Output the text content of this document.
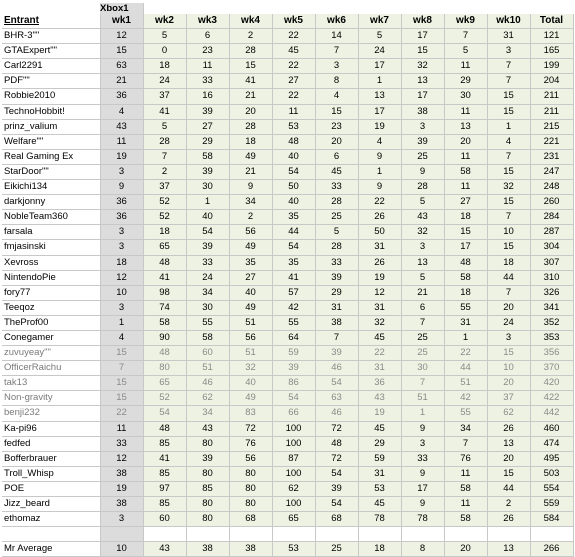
	Xbox1										
Entrant	wk1	wk2	wk3	wk4	wk5	wk6	wk7	wk8	wk9	wk10	Total
BHR-3""	12	5	6	2	22	14	5	17	7	31	121
GTAExpert""	15	0	23	28	45	7	24	15	5	3	165
Carl2291	63	18	11	15	22	3	17	32	11	7	199
PDF""	21	24	33	41	27	8	1	13	29	7	204
Robbie2010	36	37	16	21	22	4	13	17	30	15	211
TechnoHobbit!	4	41	39	20	11	15	17	38	11	15	211
prinz_valium	43	5	27	28	53	23	19	3	13	1	215
Welfare""	11	28	29	18	48	20	4	39	20	4	221
Real Gaming Ex	19	7	58	49	40	6	9	25	11	7	231
StarDoor""	3	2	39	21	54	45	1	9	58	15	247
Eikichi134	9	37	30	9	50	33	9	28	11	32	248
darkjonny	36	52	1	34	40	28	22	5	27	15	260
NobleTeam360	36	52	40	2	35	25	26	43	18	7	284
farsala	3	18	54	56	44	5	50	32	15	10	287
fmjasinski	3	65	39	49	54	28	31	3	17	15	304
Xevross	18	48	33	35	35	33	26	13	48	18	307
NintendoPie	12	41	24	27	41	39	19	5	58	44	310
fory77	10	98	34	40	57	29	12	21	18	7	326
Teeqoz	3	74	30	49	42	31	31	6	55	20	341
TheProf00	1	58	55	51	55	38	32	7	31	24	352
Conegamer	4	90	58	56	64	7	45	25	1	3	353
zuvuyeay""	15	48	60	51	59	39	22	25	22	15	356
OfficerRaichu	7	80	51	32	39	46	31	30	44	10	370
tak13	15	65	46	40	86	54	36	7	51	20	420
Non-gravity	15	52	62	49	54	63	43	51	42	37	422
benji232	22	54	34	83	66	46	19	1	55	62	442
Ka-pi96	11	48	43	72	100	72	45	9	34	26	460
fedfed	33	85	80	76	100	48	29	3	7	13	474
Bofferbrauer	12	41	39	56	87	72	59	33	76	20	495
Troll_Whisp	38	85	80	80	100	54	31	9	11	15	503
POE	19	97	85	80	62	39	53	17	58	44	554
Jizz_beard	38	85	80	80	100	54	45	9	11	2	559
ethomaz	3	60	80	68	65	68	78	78	58	26	584

Mr Average	10	43	38	38	53	25	18	8	20	13	266
